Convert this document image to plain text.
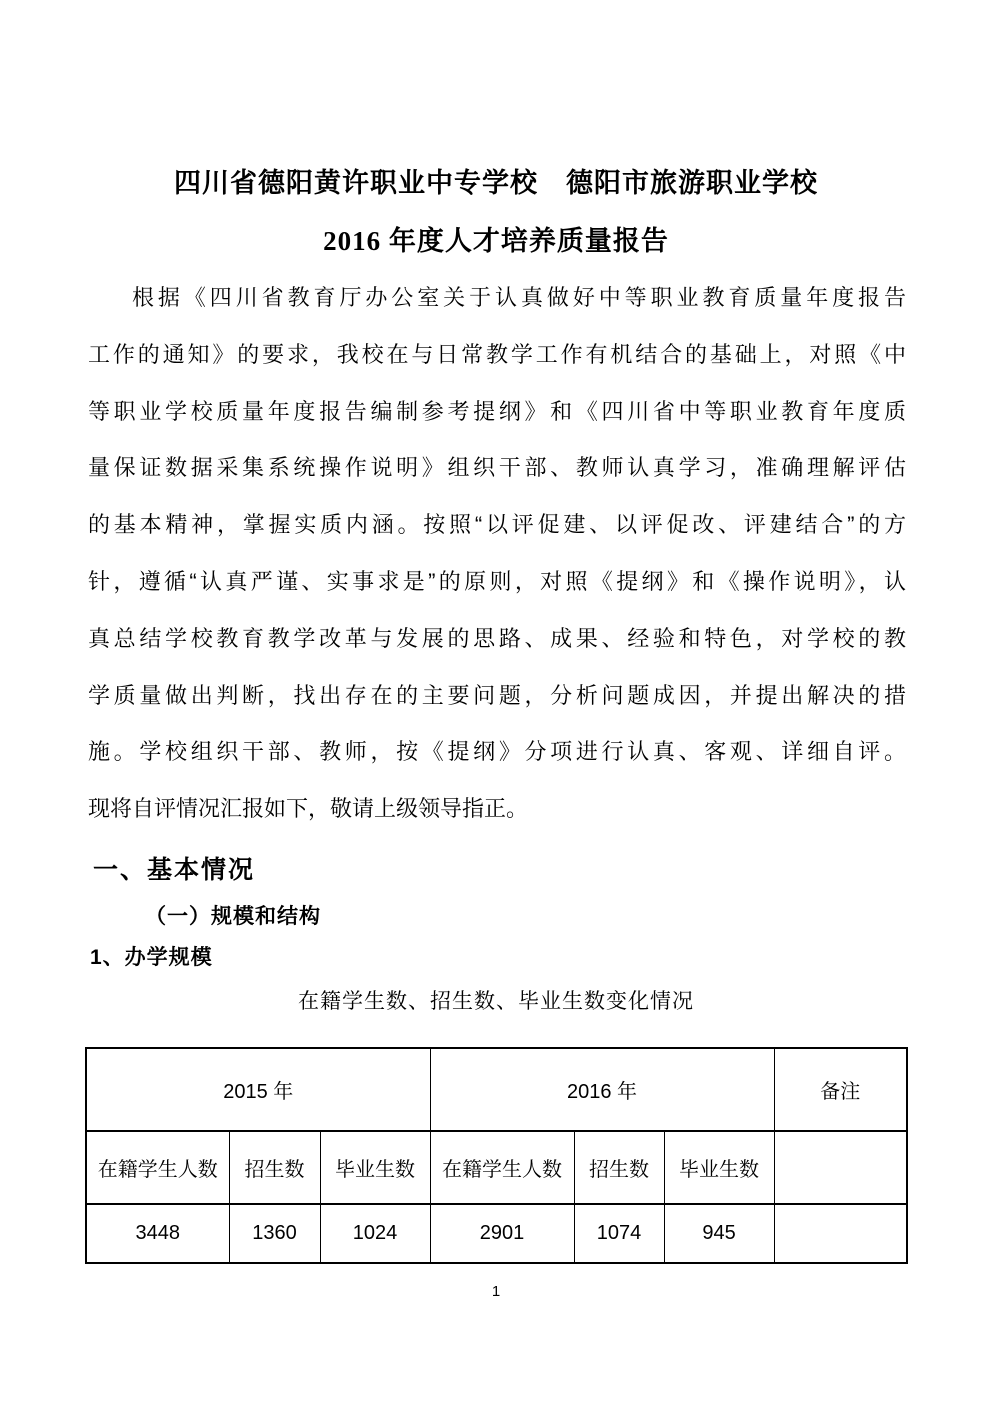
四川省德阳黄许职业中专学校　德阳市旅游职业学校
2016 年度人才培养质量报告
根据《四川省教育厅办公室关于认真做好中等职业教育质量年度报告
工作的通知》的要求，我校在与日常教学工作有机结合的基础上，对照《中
等职业学校质量年度报告编制参考提纲》和《四川省中等职业教育年度质
量保证数据采集系统操作说明》组织干部、教师认真学习，准确理解评估
的基本精神，掌握实质内涵。按照“以评促建、以评促改、评建结合”的方
针，遵循“认真严谨、实事求是”的原则，对照《提纲》和《操作说明》，认
真总结学校教育教学改革与发展的思路、成果、经验和特色，对学校的教
学质量做出判断，找出存在的主要问题，分析问题成因，并提出解决的措
施。学校组织干部、教师，按《提纲》分项进行认真、客观、详细自评。
现将自评情况汇报如下，敬请上级领导指正。
一、基本情况
（一）规模和结构
1、办学规模
在籍学生数、招生数、毕业生数变化情况
2015 年			2016 年			备注
在籍学生人数	招生数	毕业生数	在籍学生人数	招生数	毕业生数	
3448	1360	1024	2901	1074	945	
1
